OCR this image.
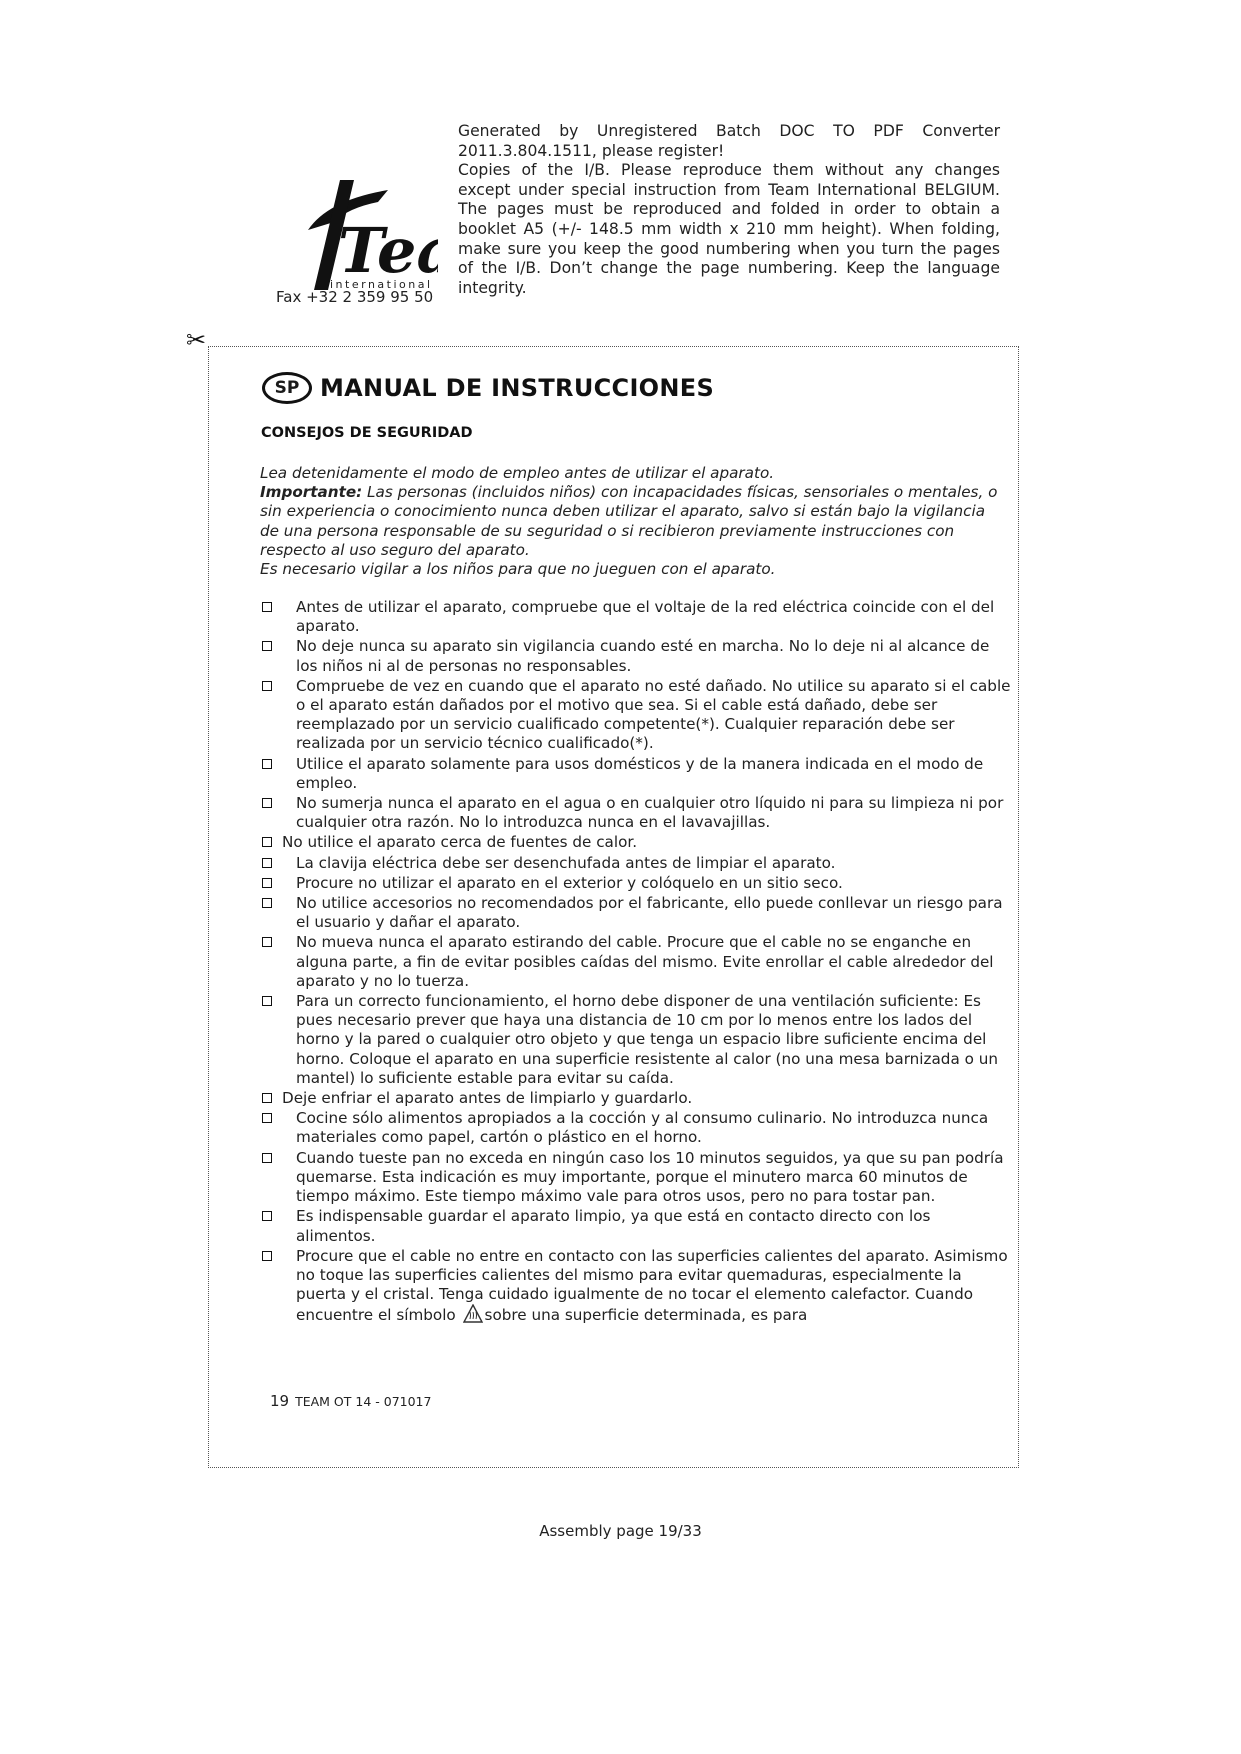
Te
international
Fax +32 2 359 95 50
Generated by Unregistered Batch DOC TO PDF Converter 2011.3.804.1511, please register!
Copies of the I/B. Please reproduce them without any changes except under special instruction from Team International BELGIUM. The pages must be reproduced and folded in order to obtain a booklet A5 (+/- 148.5 mm width x 210 mm height). When folding, make sure you keep the good numbering when you turn the pages of the I/B. Don’t change the page numbering. Keep the language integrity.
✂
SP MANUAL DE INSTRUCCIONES
CONSEJOS DE SEGURIDAD

Lea detenidamente el modo de empleo antes de utilizar el aparato.

Importante: Las personas (incluidos niños) con incapacidades físicas, sensoriales o mentales, o sin experiencia o conocimiento nunca deben utilizar el aparato, salvo si están bajo la vigilancia de una persona responsable de su seguridad o si recibieron previamente instrucciones con respecto al uso seguro del aparato.

Es necesario vigilar a los niños para que no jueguen con el aparato.

Antes de utilizar el aparato, compruebe que el voltaje de la red eléctrica coincide con el del aparato.
No deje nunca su aparato sin vigilancia cuando esté en marcha. No lo deje ni al alcance de los niños ni al de personas no responsables.
Compruebe de vez en cuando que el aparato no esté dañado. No utilice su aparato si el cable o el aparato están dañados por el motivo que sea. Si el cable está dañado, debe ser reemplazado por un servicio cualificado competente(*). Cualquier reparación debe ser realizada por un servicio técnico cualificado(*).
Utilice el aparato solamente para usos domésticos y de la manera indicada en el modo de empleo.
No sumerja nunca el aparato en el agua o en cualquier otro líquido ni para su limpieza ni por cualquier otra razón. No lo introduzca nunca en el lavavajillas.
No utilice el aparato cerca de fuentes de calor.
La clavija eléctrica debe ser desenchufada antes de limpiar el aparato.
Procure no utilizar el aparato en el exterior y colóquelo en un sitio seco.
No utilice accesorios no recomendados por el fabricante, ello puede conllevar un riesgo para el usuario y dañar el aparato.
No mueva nunca el aparato estirando del cable. Procure que el cable no se enganche en alguna parte, a fin de evitar posibles caídas del mismo. Evite enrollar el cable alrededor del aparato y no lo tuerza.
Para un correcto funcionamiento, el horno debe disponer de una ventilación suficiente: Es pues necesario prever que haya una distancia de 10 cm por lo menos entre los lados del horno y la pared o cualquier otro objeto y que tenga un espacio libre suficiente encima del horno. Coloque el aparato en una superficie resistente al calor (no una mesa barnizada o un mantel) lo suficiente estable para evitar su caída.
Deje enfriar el aparato antes de limpiarlo y guardarlo.
Cocine sólo alimentos apropiados a la cocción y al consumo culinario. No introduzca nunca materiales como papel, cartón o plástico en el horno.
Cuando tueste pan no exceda en ningún caso los 10 minutos seguidos, ya que su pan podría quemarse. Esta indicación es muy importante, porque el minutero marca 60 minutos de tiempo máximo. Este tiempo máximo vale para otros usos, pero no para tostar pan.
Es indispensable guardar el aparato limpio, ya que está en contacto directo con los alimentos.
Procure que el cable no entre en contacto con las superficies calientes del aparato. Asimismo no toque las superficies calientes del mismo para evitar quemaduras, especialmente la puerta y el cristal. Tenga cuidado igualmente de no tocar el elemento calefactor. Cuando encuentre el símbolo sobre una superficie determinada, es para
19 TEAM OT 14 - 071017
Assembly page 19/33
